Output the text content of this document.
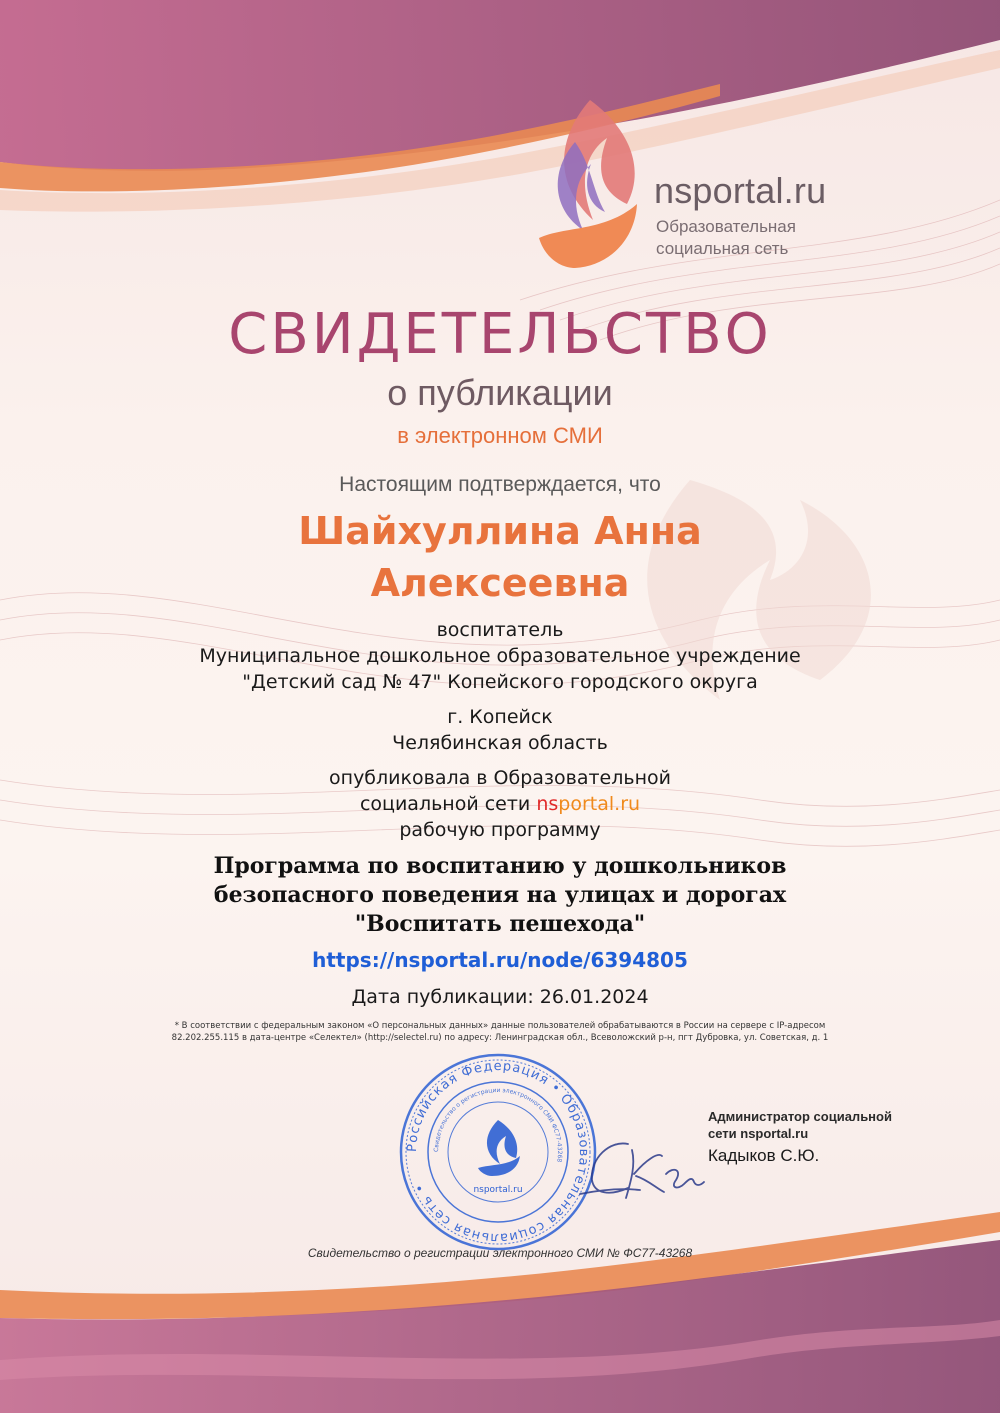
nsportal.ru
Образовательная
социальная сеть
СВИДЕТЕЛЬСТВО
о публикации
в электронном СМИ
Настоящим подтверждается, что
Шайхуллина Анна
Алексеевна
воспитатель
Муниципальное дошкольное образовательное учреждение
"Детский сад № 47" Копейского городского округа
г. Копейск
Челябинская область
опубликовала в Образовательной
социальной сети nsportal.ru
рабочую программу
Программа по воспитанию у дошкольников
безопасного поведения на улицах и дорогах
"Воспитать пешехода"
https://nsportal.ru/node/6394805
Дата публикации: 26.01.2024
* В соответствии с федеральным законом «О персональных данных» данные пользователей обрабатываются в России на сервере с IP-адресом
82.202.255.115 в дата-центре «Селектел» (http://selectel.ru) по адресу: Ленинградская обл., Всеволожский р-н, пгт Дубровка, ул. Советская, д. 1
Российская Федерация • Образовательная социальная сеть •
Свидетельство о регистрации электронного СМИ ФС77-43268
nsportal.ru
Администратор социальной
сети nsportal.ru
Кадыков С.Ю.
Свидетельство о регистрации электронного СМИ № ФС77-43268
